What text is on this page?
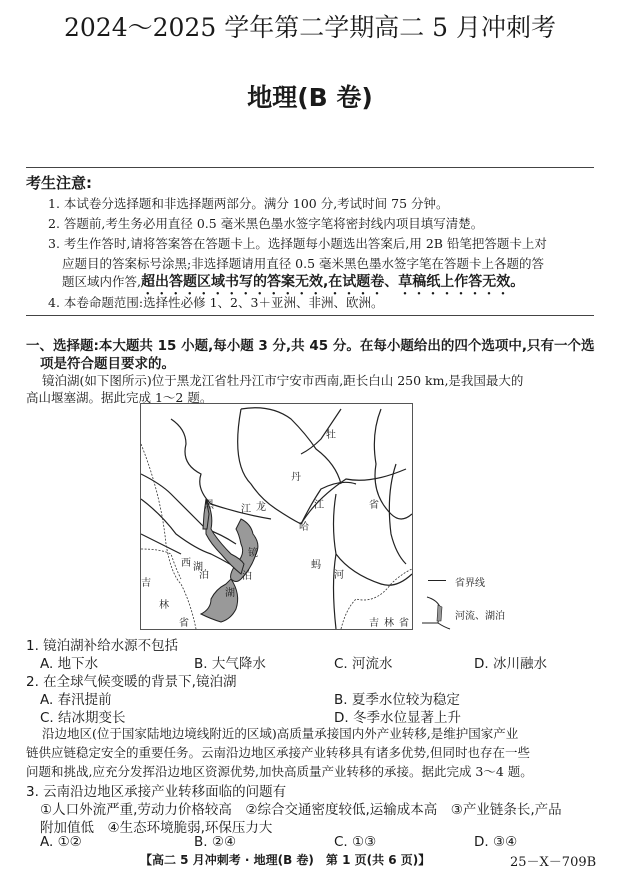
2024～2025 学年第二学期高二 5 月冲刺考
地理(B 卷)
考生注意:
1. 本试卷分选择题和非选择题两部分。满分 100 分,考试时间 75 分钟。
2. 答题前,考生务必用直径 0.5 毫米黑色墨水签字笔将密封线内项目填写清楚。
3. 考生作答时,请将答案答在答题卡上。选择题每小题选出答案后,用 2B 铅笔把答题卡上对
应题目的答案标号涂黑;非选择题请用直径 0.5 毫米黑色墨水签字笔在答题卡上各题的答
题区域内作答,超出答题区域书写的答案无效,在试题卷、草稿纸上作答无效。
4. 本卷命题范围:选择性必修 1、2、3＋亚洲、非洲、欧洲。
一、选择题:本大题共 15 小题,每小题 3 分,共 45 分。在每小题给出的四个选项中,只有一个选
项是符合题目要求的。
镜泊湖(如下图所示)位于黑龙江省牡丹江市宁安市西南,距长白山 250 km,是我国最大的
高山堰塞湖。据此完成 1～2 题。
牡
丹
黑	江 龙	江	省
哈
蚂
河
西 湖
泊
镜
泊
湖
吉
林
省	吉 林 省
省界线
河流、湖泊
1. 镜泊湖补给水源不包括
A. 地下水	B. 大气降水	C. 河流水	D. 冰川融水
2. 在全球气候变暖的背景下,镜泊湖
A. 春汛提前	B. 夏季水位较为稳定
C. 结冰期变长	D. 冬季水位显著上升
沿边地区(位于国家陆地边境线附近的区域)高质量承接国内外产业转移,是维护国家产业
链供应链稳定安全的重要任务。云南沿边地区承接产业转移具有诸多优势,但同时也存在一些
问题和挑战,应充分发挥沿边地区资源优势,加快高质量产业转移的承接。据此完成 3～4 题。
3. 云南沿边地区承接产业转移面临的问题有
①人口外流严重,劳动力价格较高　②综合交通密度较低,运输成本高　③产业链条长,产品
附加值低　④生态环境脆弱,环保压力大
A. ①②	B. ②④	C. ①③	D. ③④
【高二 5 月冲刺考 · 地理(B 卷)　第 1 页(共 6 页)】	25－X－709B
